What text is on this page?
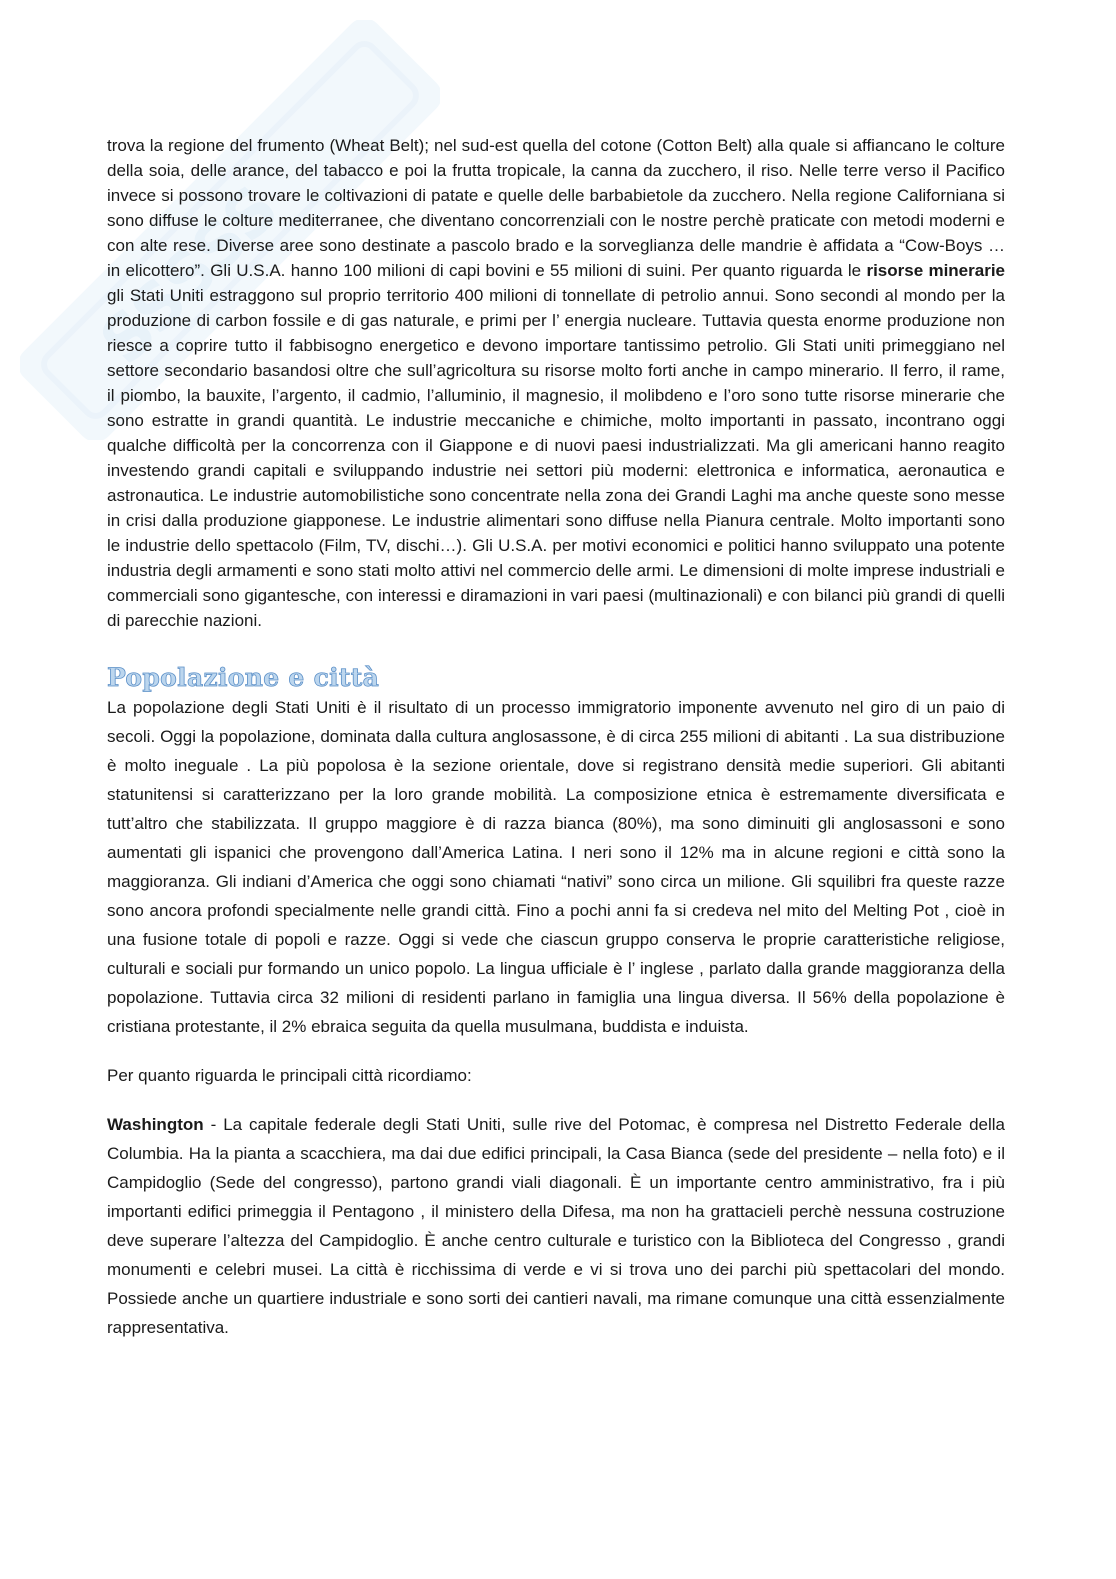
SSSSS

trova la regione del frumento (Wheat Belt); nel sud-est quella del cotone (Cotton Belt) alla quale si affiancano le colture della soia, delle arance, del tabacco e poi la frutta tropicale, la canna da zucchero, il riso. Nelle terre verso il Pacifico invece si possono trovare le coltivazioni di patate e quelle delle barbabietole da zucchero. Nella regione Californiana si sono diffuse le colture mediterranee, che diventano concorrenziali con le nostre perchè praticate con metodi moderni e con alte rese. Diverse aree sono destinate a pascolo brado e la sorveglianza delle mandrie è affidata a “Cow-Boys … in elicottero”. Gli U.S.A. hanno 100 milioni di capi bovini e 55 milioni di suini. Per quanto riguarda le risorse minerarie gli Stati Uniti estraggono sul proprio territorio 400 milioni di tonnellate di petrolio annui. Sono secondi al mondo per la produzione di carbon fossile e di gas naturale, e primi per l’ energia nucleare. Tuttavia questa enorme produzione non riesce a coprire tutto il fabbisogno energetico e devono importare tantissimo petrolio. Gli Stati uniti primeggiano nel settore secondario basandosi oltre che sull’agricoltura su risorse molto forti anche in campo minerario. Il ferro, il rame, il piombo, la bauxite, l’argento, il cadmio, l’alluminio, il magnesio, il molibdeno e l’oro sono tutte risorse minerarie che sono estratte in grandi quantità. Le industrie meccaniche e chimiche, molto importanti in passato, incontrano oggi qualche difficoltà per la concorrenza con il Giappone e di nuovi paesi industrializzati. Ma gli americani hanno reagito investendo grandi capitali e sviluppando industrie nei settori più moderni: elettronica e informatica, aeronautica e astronautica. Le industrie automobilistiche sono concentrate nella zona dei Grandi Laghi ma anche queste sono messe in crisi dalla produzione giapponese. Le industrie alimentari sono diffuse nella Pianura centrale. Molto importanti sono le industrie dello spettacolo (Film, TV, dischi…). Gli U.S.A. per motivi economici e politici hanno sviluppato una potente industria degli armamenti e sono stati molto attivi nel commercio delle armi. Le dimensioni di molte imprese industriali e commerciali sono gigantesche, con interessi e diramazioni in vari paesi (multinazionali) e con bilanci più grandi di quelli di parecchie nazioni.

Popolazione e città

La popolazione degli Stati Uniti è il risultato di un processo immigratorio imponente avvenuto nel giro di un paio di secoli. Oggi la popolazione, dominata dalla cultura anglosassone, è di circa 255 milioni di abitanti . La sua distribuzione è molto ineguale . La più popolosa è la sezione orientale, dove si registrano densità medie superiori. Gli abitanti statunitensi si caratterizzano per la loro grande mobilità. La composizione etnica è estremamente diversificata e tutt’altro che stabilizzata. Il gruppo maggiore è di razza bianca (80%), ma sono diminuiti gli anglosassoni e sono aumentati gli ispanici che provengono dall’America Latina. I neri sono il 12% ma in alcune regioni e città sono la maggioranza. Gli indiani d’America che oggi sono chiamati “nativi” sono circa un milione. Gli squilibri fra queste razze sono ancora profondi specialmente nelle grandi città. Fino a pochi anni fa si credeva nel mito del Melting Pot , cioè in una fusione totale di popoli e razze. Oggi si vede che ciascun gruppo conserva le proprie caratteristiche religiose, culturali e sociali pur formando un unico popolo. La lingua ufficiale è l’ inglese , parlato dalla grande maggioranza della popolazione. Tuttavia circa 32 milioni di residenti parlano in famiglia una lingua diversa. Il 56% della popolazione è cristiana protestante, il 2% ebraica seguita da quella musulmana, buddista e induista.

Per quanto riguarda le principali città ricordiamo:

Washington - La capitale federale degli Stati Uniti, sulle rive del Potomac, è compresa nel Distretto Federale della Columbia. Ha la pianta a scacchiera, ma dai due edifici principali, la Casa Bianca (sede del presidente – nella foto) e il Campidoglio (Sede del congresso), partono grandi viali diagonali. È un importante centro amministrativo, fra i più importanti edifici primeggia il Pentagono , il ministero della Difesa, ma non ha grattacieli perchè nessuna costruzione deve superare l’altezza del Campidoglio. È anche centro culturale e turistico con la Biblioteca del Congresso , grandi monumenti e celebri musei. La città è ricchissima di verde e vi si trova uno dei parchi più spettacolari del mondo. Possiede anche un quartiere industriale e sono sorti dei cantieri navali, ma rimane comunque una città essenzialmente rappresentativa.
